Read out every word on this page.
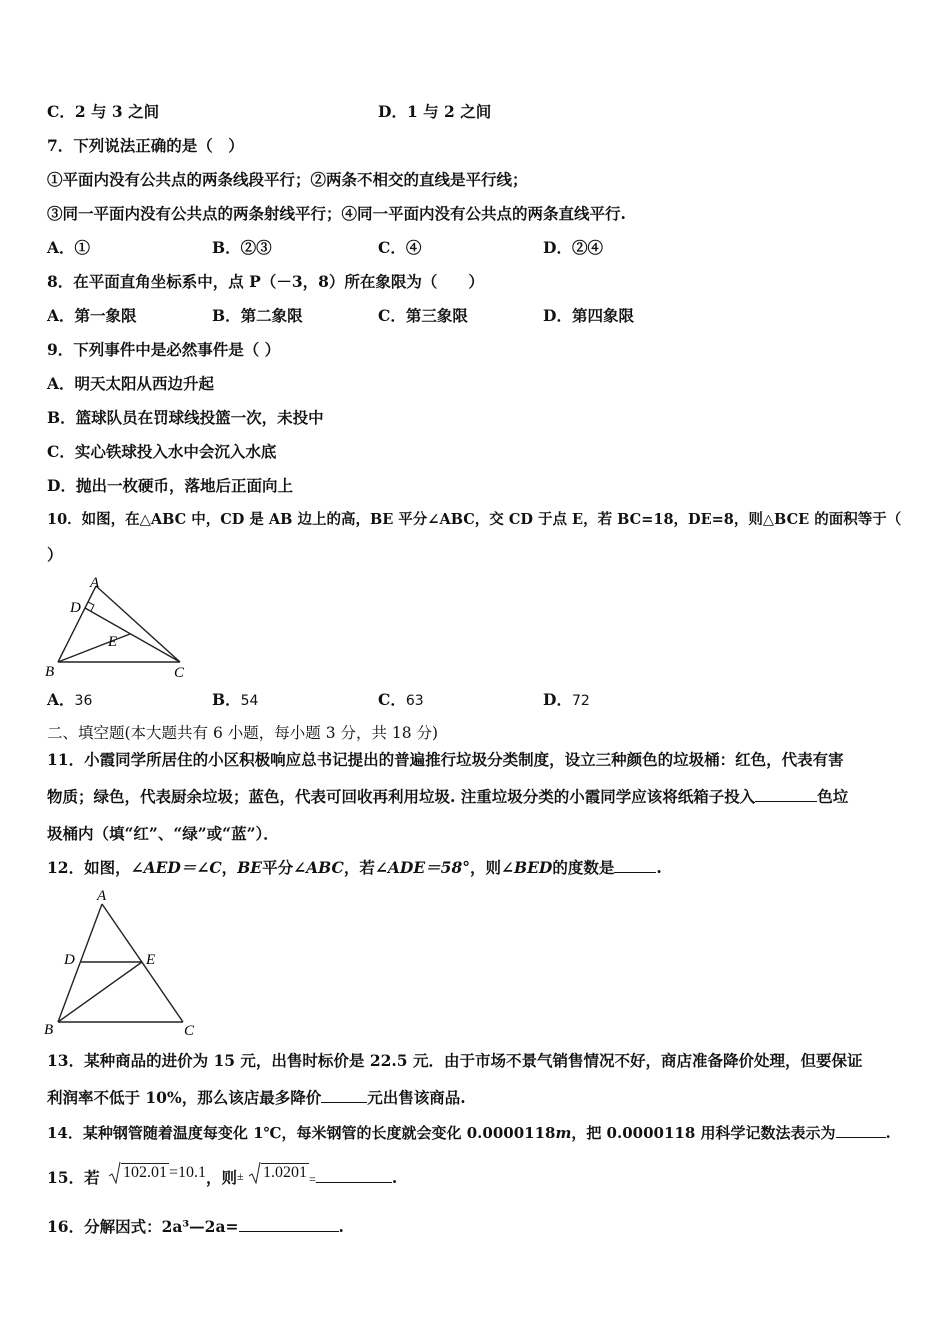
C．2 与 3 之间	D．1 与 2 之间
7．下列说法正确的是（　）
①平面内没有公共点的两条线段平行；②两条不相交的直线是平行线；
③同一平面内没有公共点的两条射线平行；④同一平面内没有公共点的两条直线平行.
A．①	B．②③	C．④	D．②④
8．在平面直角坐标系中，点 P（－3，8）所在象限为（　　）
A．第一象限	B．第二象限	C．第三象限	D．第四象限
9．下列事件中是必然事件是（ ）
A．明天太阳从西边升起
B．篮球队员在罚球线投篮一次，未投中
C．实心铁球投入水中会沉入水底
D．抛出一枚硬币，落地后正面向上
10．如图，在△ABC 中，CD 是 AB 边上的高，BE 平分∠ABC，交 CD 于点 E，若 BC=18，DE=8，则△BCE 的面积等于（
）
A
D
E
B	C
A．36	B．54	C．63	D．72
二、填空题(本大题共有 6 小题，每小题 3 分，共 18 分)
11．小霞同学所居住的小区积极响应总书记提出的普遍推行垃圾分类制度，设立三种颜色的垃圾桶：红色，代表有害
物质；绿色，代表厨余垃圾；蓝色，代表可回收再利用垃圾. 注重垃圾分类的小霞同学应该将纸箱子投入	色垃
圾桶内（填“红”、“绿”或“蓝”）．
12．如图，∠AED＝∠C，BE平分∠ABC，若∠ADE＝58°，则∠BED的度数是	.
A
D	E
B	C
13．某种商品的进价为 15 元，出售时标价是 22.5 元．由于市场不景气销售情况不好，商店准备降价处理，但要保证
利润率不低于 10%，那么该店最多降价	元出售该商品.
14．某种钢管随着温度每变化 1℃，每米钢管的长度就会变化 0.0000118m，把 0.0000118 用科学记数法表示为	.
15．若 102.01 =10.1，则± 1.0201 =	.
16．分解因式：2a³—2a=	.
